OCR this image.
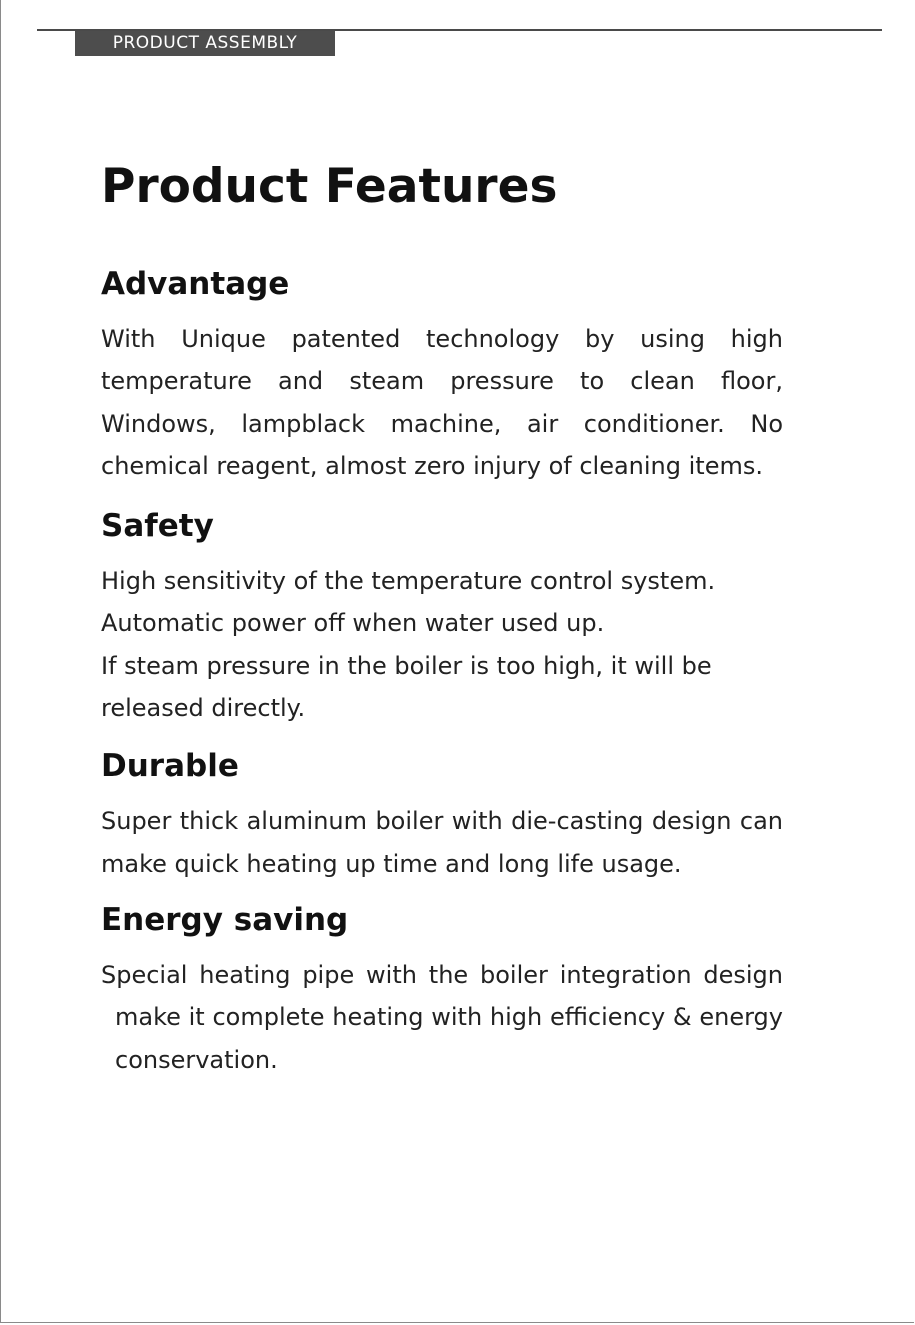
PRODUCT ASSEMBLY
Product Features
Advantage

With Unique patented technology by using high temperature and steam pressure to clean floor, Windows, lampblack machine, air conditioner. No chemical reagent, almost zero injury of cleaning items.

Safety

High sensitivity of the temperature control system.

Automatic power off when water used up.

If steam pressure in the boiler is too high, it will be released directly.

Durable

Super thick aluminum boiler with die-casting design can make quick heating up time and long life usage.

Energy saving

Special heating pipe with the boiler integration design make it complete heating with high efficiency & energy conservation.
